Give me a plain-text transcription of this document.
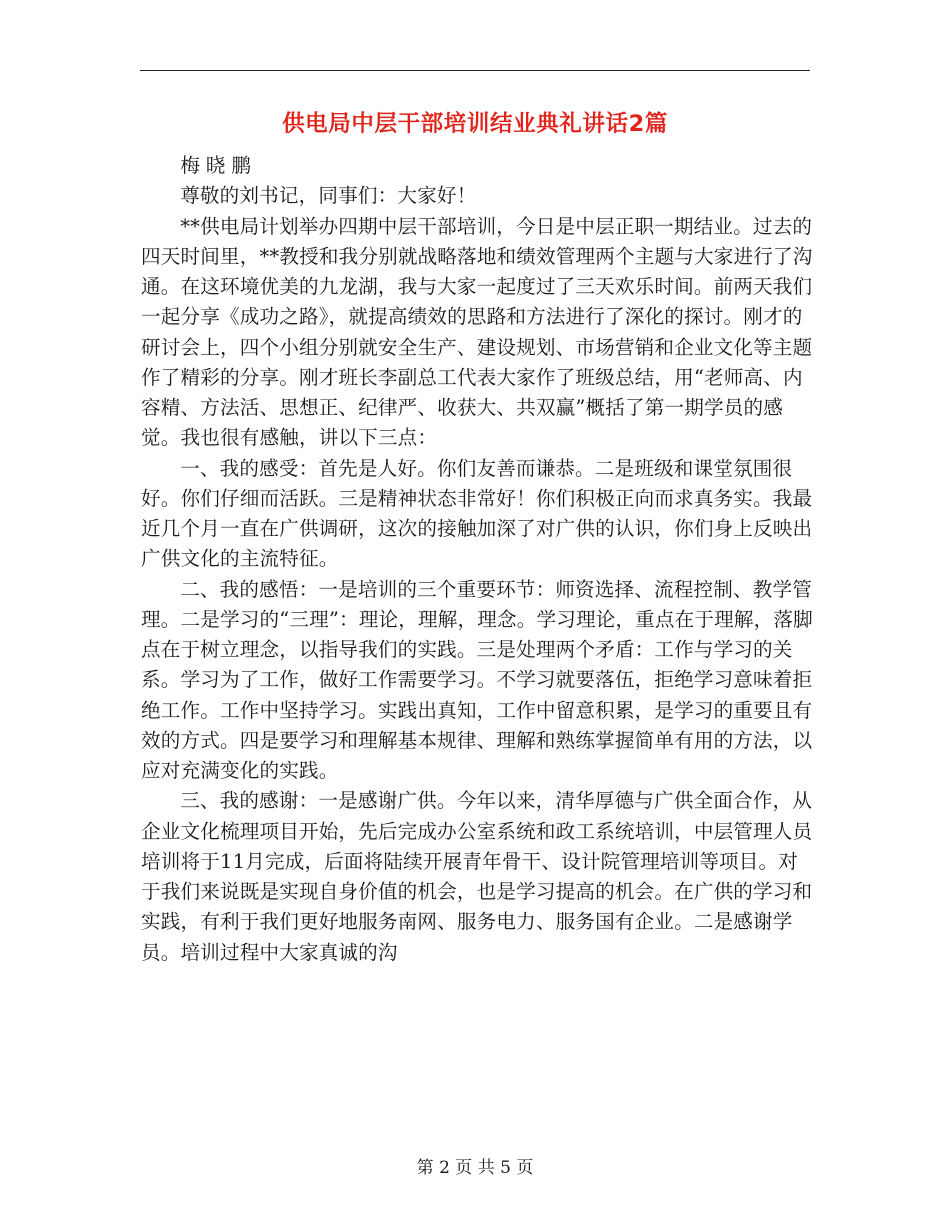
供电局中层干部培训结业典礼讲话2篇

梅晓鹏

尊敬的刘书记，同事们：大家好！

**供电局计划举办四期中层干部培训，今日是中层正职一期结业。过去的四天时间里，**教授和我分别就战略落地和绩效管理两个主题与大家进行了沟通。在这环境优美的九龙湖，我与大家一起度过了三天欢乐时间。前两天我们一起分享《成功之路》，就提高绩效的思路和方法进行了深化的探讨。刚才的研讨会上，四个小组分别就安全生产、建设规划、市场营销和企业文化等主题作了精彩的分享。刚才班长李副总工代表大家作了班级总结，用“老师高、内容精、方法活、思想正、纪律严、收获大、共双赢”概括了第一期学员的感觉。我也很有感触，讲以下三点：

一、我的感受：首先是人好。你们友善而谦恭。二是班级和课堂氛围很好。你们仔细而活跃。三是精神状态非常好！你们积极正向而求真务实。我最近几个月一直在广供调研，这次的接触加深了对广供的认识，你们身上反映出广供文化的主流特征。

二、我的感悟：一是培训的三个重要环节：师资选择、流程控制、教学管理。二是学习的“三理”：理论，理解，理念。学习理论，重点在于理解，落脚点在于树立理念，以指导我们的实践。三是处理两个矛盾：工作与学习的关系。学习为了工作，做好工作需要学习。不学习就要落伍，拒绝学习意味着拒绝工作。工作中坚持学习。实践出真知，工作中留意积累，是学习的重要且有效的方式。四是要学习和理解基本规律、理解和熟练掌握简单有用的方法，以应对充满变化的实践。

三、我的感谢：一是感谢广供。今年以来，清华厚德与广供全面合作，从企业文化梳理项目开始，先后完成办公室系统和政工系统培训，中层管理人员培训将于11月完成，后面将陆续开展青年骨干、设计院管理培训等项目。对于我们来说既是实现自身价值的机会，也是学习提高的机会。在广供的学习和实践，有利于我们更好地服务南网、服务电力、服务国有企业。二是感谢学员。培训过程中大家真诚的沟

第 2 页 共 5 页
